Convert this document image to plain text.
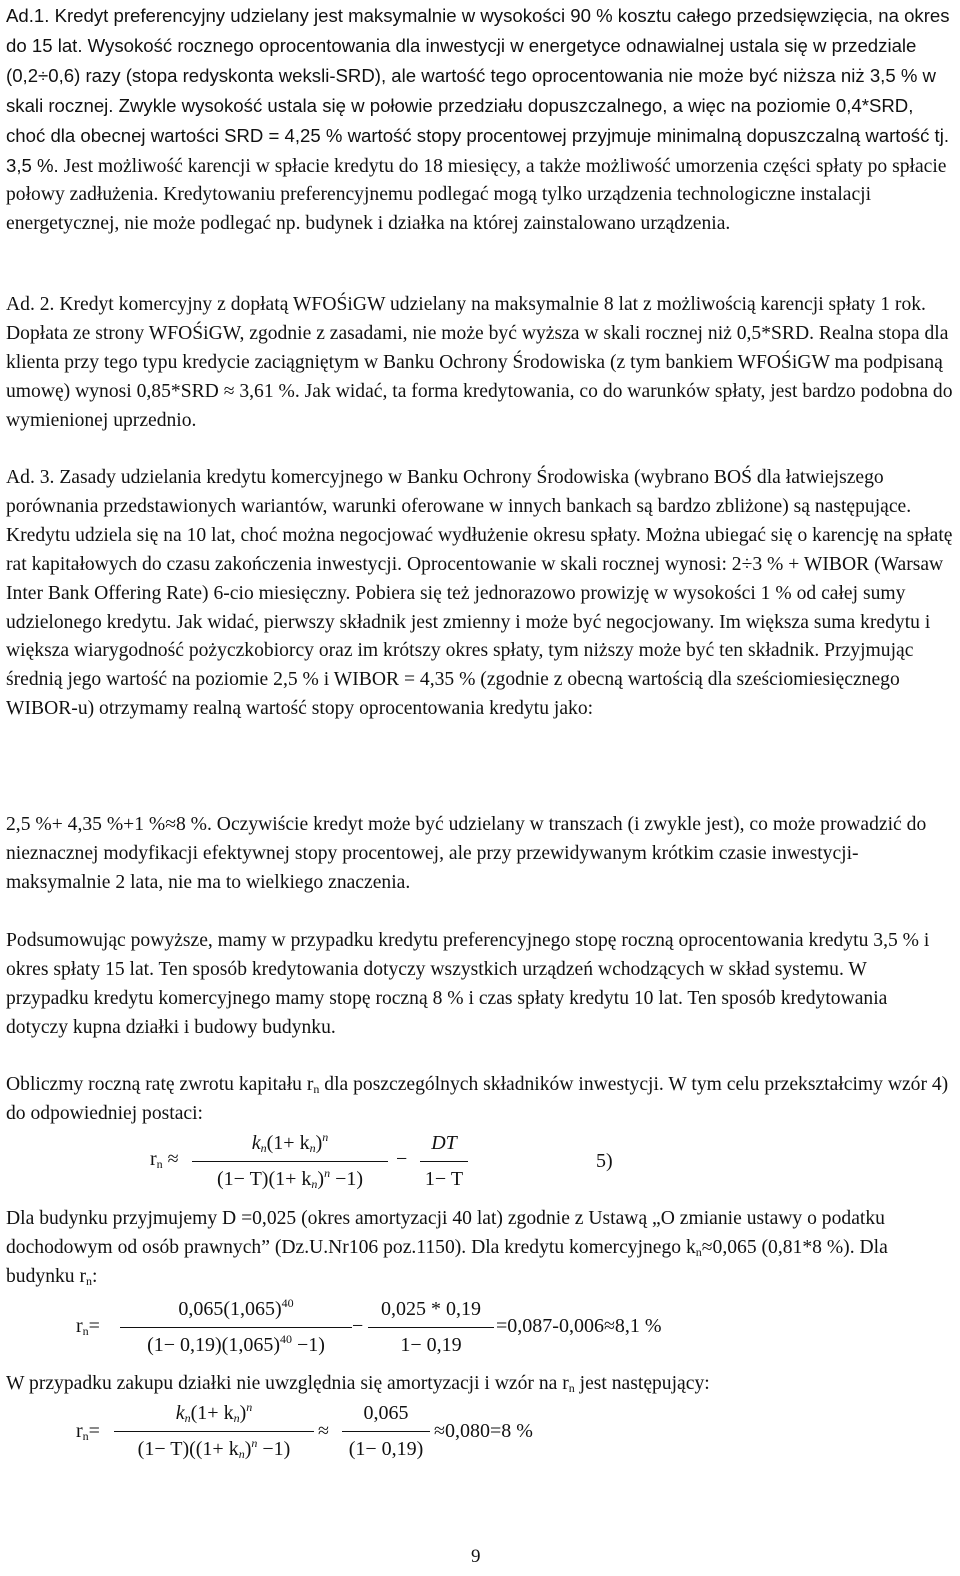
Ad.1. Kredyt preferencyjny udzielany jest maksymalnie w wysokości 90 % kosztu całego przedsięwzięcia, na okres do 15 lat. Wysokość rocznego oprocentowania dla inwestycji w energetyce odnawialnej ustala się w przedziale (0,2÷0,6) razy (stopa redyskonta weksli-SRD), ale wartość tego oprocentowania nie może być niższa niż 3,5 % w skali rocznej. Zwykle wysokość ustala się w połowie przedziału dopuszczalnego, a więc na poziomie 0,4*SRD, choć dla obecnej wartości SRD = 4,25 % wartość stopy procentowej przyjmuje minimalną dopuszczalną wartość tj. 3,5 %. Jest możliwość karencji w spłacie kredytu do 18 miesięcy, a także możliwość umorzenia części spłaty po spłacie połowy zadłużenia. Kredytowaniu preferencyjnemu podlegać mogą tylko urządzenia technologiczne instalacji energetycznej, nie może podlegać np. budynek i działka na której zainstalowano urządzenia.

Ad. 2. Kredyt komercyjny z dopłatą WFOŚiGW udzielany na maksymalnie 8 lat z możliwością karencji spłaty 1 rok. Dopłata ze strony WFOŚiGW, zgodnie z zasadami, nie może być wyższa w skali rocznej niż 0,5*SRD. Realna stopa dla klienta przy tego typu kredycie zaciągniętym w Banku Ochrony Środowiska (z tym bankiem WFOŚiGW ma podpisaną umowę) wynosi 0,85*SRD ≈ 3,61 %. Jak widać, ta forma kredytowania, co do warunków spłaty, jest bardzo podobna do wymienionej uprzednio.

Ad. 3. Zasady udzielania kredytu komercyjnego w Banku Ochrony Środowiska (wybrano BOŚ dla łatwiejszego porównania przedstawionych wariantów, warunki oferowane w innych bankach są bardzo zbliżone) są następujące. Kredytu udziela się na 10 lat, choć można negocjować wydłużenie okresu spłaty. Można ubiegać się o karencję na spłatę rat kapitałowych do czasu zakończenia inwestycji. Oprocentowanie w skali rocznej wynosi: 2÷3 % + WIBOR (Warsaw Inter Bank Offering Rate) 6-cio miesięczny. Pobiera się też jednorazowo prowizję w wysokości 1 % od całej sumy udzielonego kredytu. Jak widać, pierwszy składnik jest zmienny i może być negocjowany. Im większa suma kredytu i większa wiarygodność pożyczkobiorcy oraz im krótszy okres spłaty, tym niższy może być ten składnik. Przyjmując średnią jego wartość na poziomie 2,5 % i WIBOR = 4,35 % (zgodnie z obecną wartością dla sześciomiesięcznego WIBOR-u) otrzymamy realną wartość stopy oprocentowania kredytu jako:

2,5 %+ 4,35 %+1 %≈8 %. Oczywiście kredyt może być udzielany w transzach (i zwykle jest), co może prowadzić do nieznacznej modyfikacji efektywnej stopy procentowej, ale przy przewidywanym krótkim czasie inwestycji- maksymalnie 2 lata, nie ma to wielkiego znaczenia.

Podsumowując powyższe, mamy w przypadku kredytu preferencyjnego stopę roczną oprocentowania kredytu 3,5 % i okres spłaty 15 lat. Ten sposób kredytowania dotyczy wszystkich urządzeń wchodzących w skład systemu. W przypadku kredytu komercyjnego mamy stopę roczną 8 % i czas spłaty kredytu 10 lat. Ten sposób kredytowania dotyczy kupna działki i budowy budynku.

Obliczmy roczną ratę zwrotu kapitału $r_n$ dla poszczególnych składników inwestycji. W tym celu przekształcimy wzór 4) do odpowiedniej postaci:

Dla budynku przyjmujemy D =0,025 (okres amortyzacji 40 lat) zgodnie z Ustawą „O zmianie ustawy o podatku dochodowym od osób prawnych” (Dz.U.Nr106 poz.1150). Dla kredytu komercyjnego $k_n\approx 0,065$ (0,81*8 %). Dla budynku $r_n$:

W przypadku zakupu działki nie uwzględnia się amortyzacji i wzór na $r_n$ jest następujący:

$r_n$ ≈
$k_n(1+ k_n)^n$
$(1- T)(1+ k_n)^n -1$)
−
DT
1− T
5)
$r_n=$
$0,065(1,065)^{40}$
$(1- 0,19)(1,065)^{40} -1$)
−
0,025 * 0,19
1− 0,19
=0,087-0,006≈8,1 %
$r_n=$
$k_n(1+ k_n)^n$
$(1- T)((1+ k_n)^n -1)$
≈
0,065
(1− 0,19)
≈0,080=8 %
9
